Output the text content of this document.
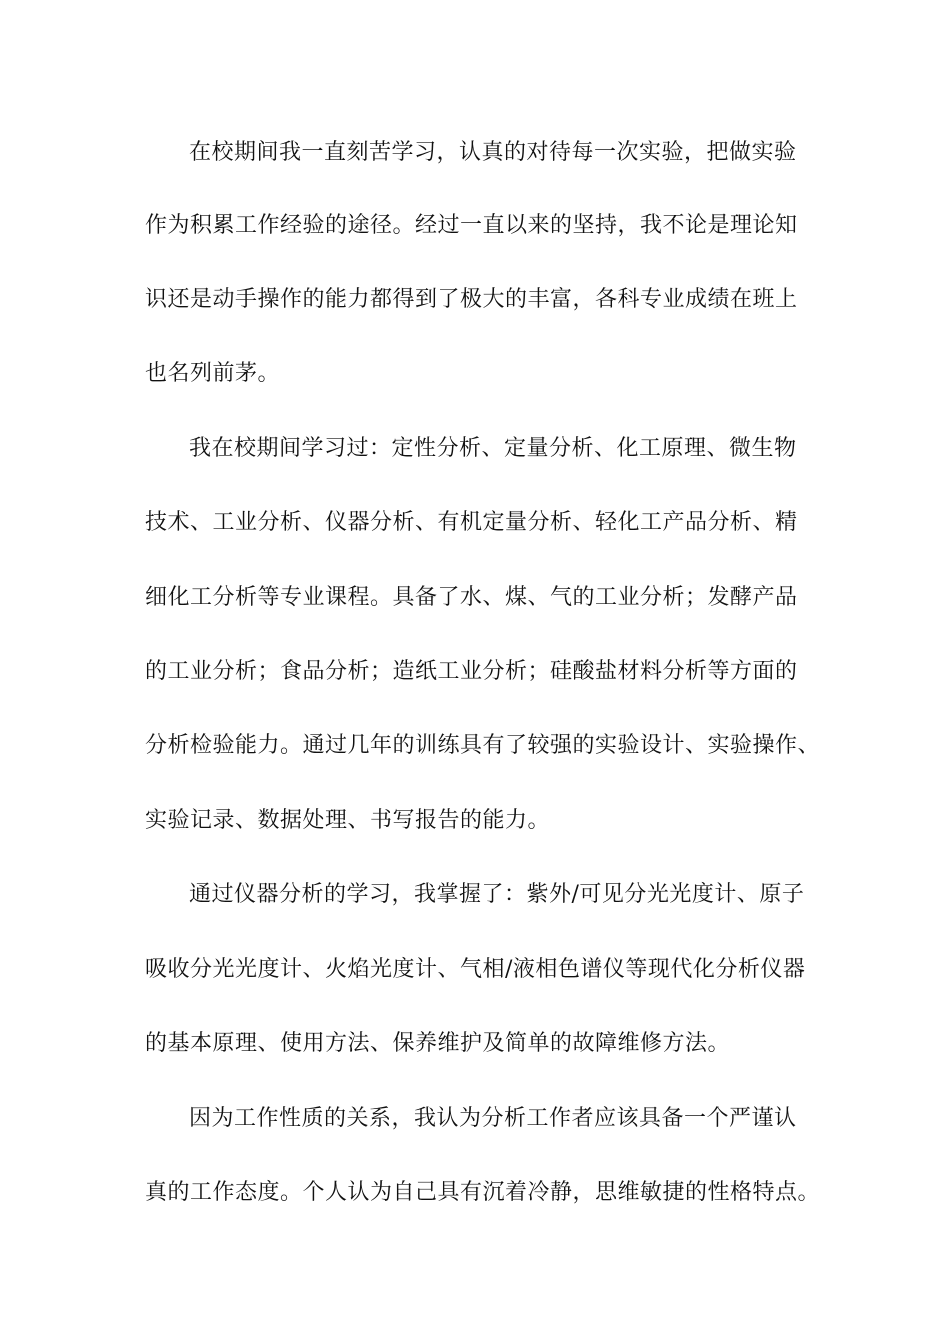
在校期间我一直刻苦学习，认真的对待每一次实验，把做实验
作为积累工作经验的途径。经过一直以来的坚持，我不论是理论知
识还是动手操作的能力都得到了极大的丰富，各科专业成绩在班上
也名列前茅。
我在校期间学习过：定性分析、定量分析、化工原理、微生物
技术、工业分析、仪器分析、有机定量分析、轻化工产品分析、精
细化工分析等专业课程。具备了水、煤、气的工业分析；发酵产品
的工业分析；食品分析；造纸工业分析；硅酸盐材料分析等方面的
分析检验能力。通过几年的训练具有了较强的实验设计、实验操作、
实验记录、数据处理、书写报告的能力。
通过仪器分析的学习，我掌握了：紫外/可见分光光度计、原子
吸收分光光度计、火焰光度计、气相/液相色谱仪等现代化分析仪器
的基本原理、使用方法、保养维护及简单的故障维修方法。
因为工作性质的关系，我认为分析工作者应该具备一个严谨认
真的工作态度。个人认为自己具有沉着冷静，思维敏捷的性格特点。
